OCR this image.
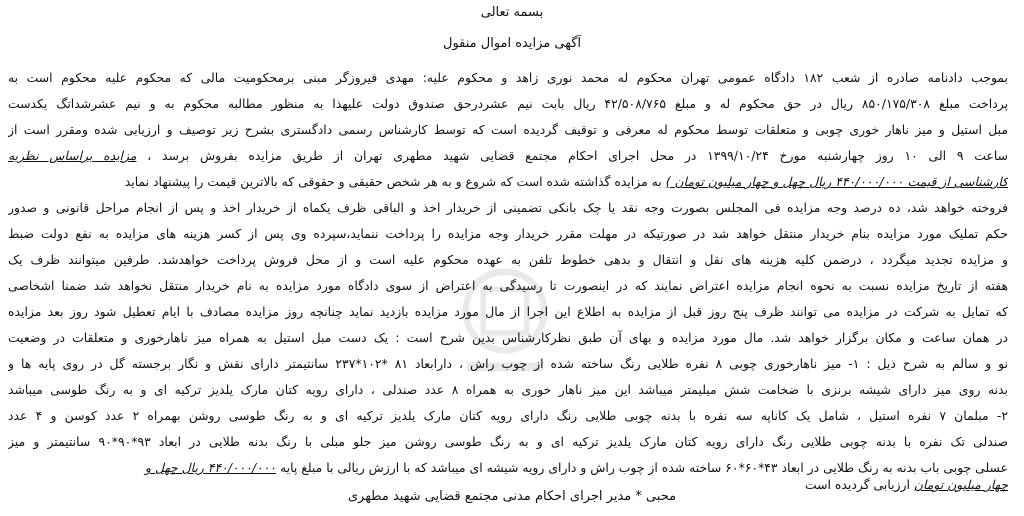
بسمه تعالی
آگهی مزایده اموال منقول
بموجب دادنامه صادره از شعب ۱۸۲ دادگاه عمومی تهران محکوم له محمد نوری زاهد و محکوم علیه: مهدی فیروزگر مبنی برمحکومیت مالی که محکوم علیه محکوم است به
پرداخت مبلغ ۸۵۰/۱۷۵/۳۰۸ ریال در حق محکوم له و مبلغ ۴۲/۵۰۸/۷۶۵ ریال بابت نیم عشردرحق صندوق دولت علیهذا به منظور مطالبه محکوم به و نیم عشرشداتگ یکدست
مبل استیل و میز ناهار خوری چوبی و متعلقات توسط محکوم له معرفی و توقیف گردیده است که توسط کارشناس رسمی دادگستری بشرح زیر توصیف و ارزیابی شده ومقرر است از
ساعت ۹ الی ۱۰ روز چهارشنبه مورخ ۱۳۹۹/۱۰/۲۴ در محل اجرای احکام مجتمع قضایی شهید مطهری تهران از طریق مزایده بفروش برسد ، مزایده براساس نظریه
کارشناسی از قیمت ۴۴۰/۰۰۰/۰۰۰ ریال چهل و چهار میلیون تومان ) به مزایده گذاشته شده است که شروع و به هر شخص حقیقی و حقوقی که بالاترین قیمت را پیشنهاد نماید
فروخته خواهد شد، ده درصد وجه مزایده فی المجلس بصورت وجه نقد یا چک بانکی تضمینی از خریدار اخذ و الباقی ظرف یکماه از خریدار اخذ و پس از انجام مراحل قانونی و صدور
حکم تملیک مورد مزایده بنام خریدار منتقل خواهد شد در صورتیکه در مهلت مقرر خریدار وجه مزایده را پرداخت ننماید،سپرده وی پس از کسر هزینه های مزایده به نفع دولت ضبط
و مزایده تجدید میگردد ، درضمن کلیه هزینه های نقل و انتقال و بدهی خطوط تلفن به عهده محکوم علیه است و از محل فروش پرداخت خواهدشد. طرفین میتوانند ظرف یک
هفته از تاریخ مزایده نسبت به نحوه انجام مزایده اعتراض نمایند که در اینصورت تا رسیدگی به اعتراض از سوی دادگاه مورد مزایده به نام خریدار منتقل نخواهد شد ضمنا اشخاصی
که تمایل به شرکت در مزایده می توانند ظرف پنج روز قبل از مزایده به اطلاع این اجرا از مال مورد مزایده بازدید نماید چنانچه روز مزایده مصادف با ایام تعطیل شود روز بعد مزایده
در همان ساعت و مکان برگزار خواهد شد. مال مورد مزایده و بهای آن طبق نظرکارشناس بدین شرح است : یک دست مبل استیل به همراه میز ناهارخوری و متعلقات در وضعیت
نو و سالم به شرح ذیل : ۱- میز ناهارخوری چوبی ۸ نفره طلایی رنگ ساخته شده از چوب راش ، دارابعاد ۸۱ *۱۰۲*۲۳۷ سانتیمتر دارای نقش و نگار برجسته گل در روی پایه ها و
بدنه روی میز دارای شیشه برنزی با ضخامت شش میلیمتر میباشد این میز ناهار خوری به همراه ۸ عدد صندلی ، دارای رویه کتان مارک یلدیز ترکیه ای و به رنگ طوسی میباشد
۲- مبلمان ۷ نفره استیل ، شامل یک کاناپه سه نفره با بدنه چوبی طلایی رنگ دارای رویه کتان مارک یلدیز ترکیه ای و به رنگ طوسی روشن بهمراه ۲ عدد کوسن و ۴ عدد
صندلی تک نفره با بدنه چوبی طلایی رنگ دارای رویه کتان مارک یلدیز ترکیه ای و به رنگ طوسی روشن میز جلو مبلی با رنگ بدنه طلایی در ابعاد ۹۳*۹۰*۹۰ سانتیمتر و میز
عسلی چوبی باب بدنه به رنگ طلایی در ابعاد ۴۳*۶۰*۶۰ ساخته شده از چوب راش و دارای رویه شیشه ای میباشد که با ارزش ریالی با مبلغ پایه ۴۴۰/۰۰۰/۰۰۰ ریال چهل و
چهار میلیون تومان ارزیابی گردیده است
محبی * مدیر اجرای احکام مدنی مجتمع قضایی شهید مطهری
